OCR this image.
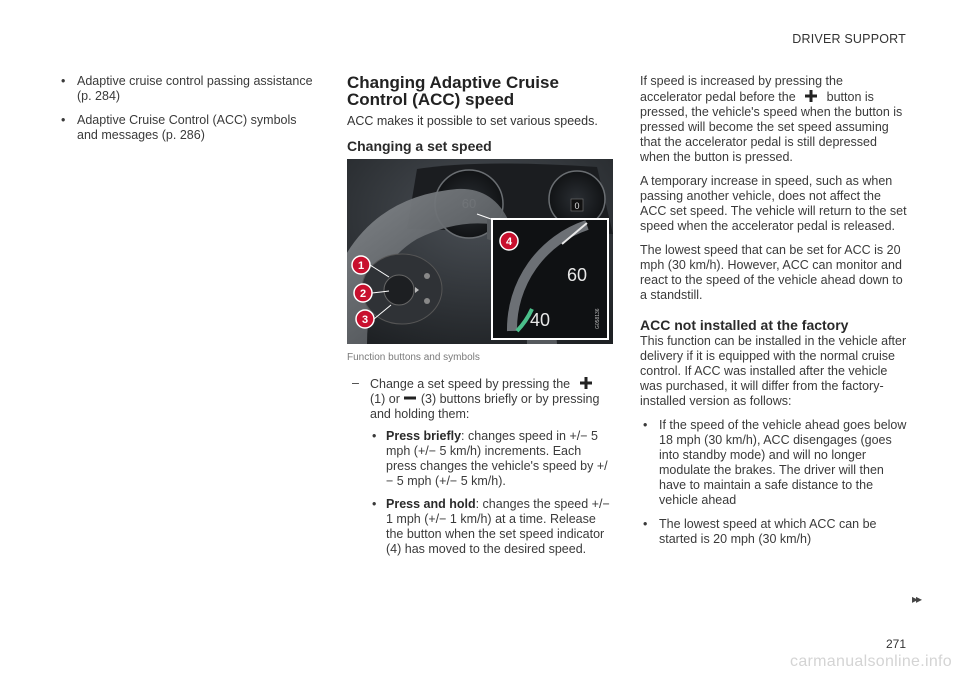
DRIVER SUPPORT
• Adaptive cruise control passing assistance (p. 284)
• Adaptive Cruise Control (ACC) symbols and messages (p. 286)
Changing Adaptive Cruise Control (ACC) speed
ACC makes it possible to set various speeds.
Changing a set speed
0
60
40	G058136
1
2
3
4
Function buttons and symbols
– Change a set speed by pressing the  (1) or (3) buttons briefly or by pressing and holding them:

• Press briefly: changes speed in +/− 5 mph (+/− 5 km/h) increments. Each press changes the vehicle's speed by +/− 5 mph (+/− 5 km/h).
• Press and hold: changes the speed +/− 1 mph (+/− 1 km/h) at a time. Release the button when the set speed indicator (4) has moved to the desired speed.

If speed is increased by pressing the accelerator pedal before the button is pressed, the vehicle's speed when the button is pressed will become the set speed assuming that the accelerator pedal is still depressed when the button is pressed.

A temporary increase in speed, such as when passing another vehicle, does not affect the ACC set speed. The vehicle will return to the set speed when the accelerator pedal is released.

The lowest speed that can be set for ACC is 20 mph (30 km/h). However, ACC can monitor and react to the speed of the vehicle ahead down to a standstill.

ACC not installed at the factory

This function can be installed in the vehicle after delivery if it is equipped with the normal cruise control. If ACC was installed after the vehicle was purchased, it will differ from the factory-installed version as follows:

• If the speed of the vehicle ahead goes below 18 mph (30 km/h), ACC disengages (goes into standby mode) and will no longer modulate the brakes. The driver will then have to maintain a safe distance to the vehicle ahead
• The lowest speed at which ACC can be started is 20 mph (30 km/h)
▸▸
271
carmanualsonline.info
